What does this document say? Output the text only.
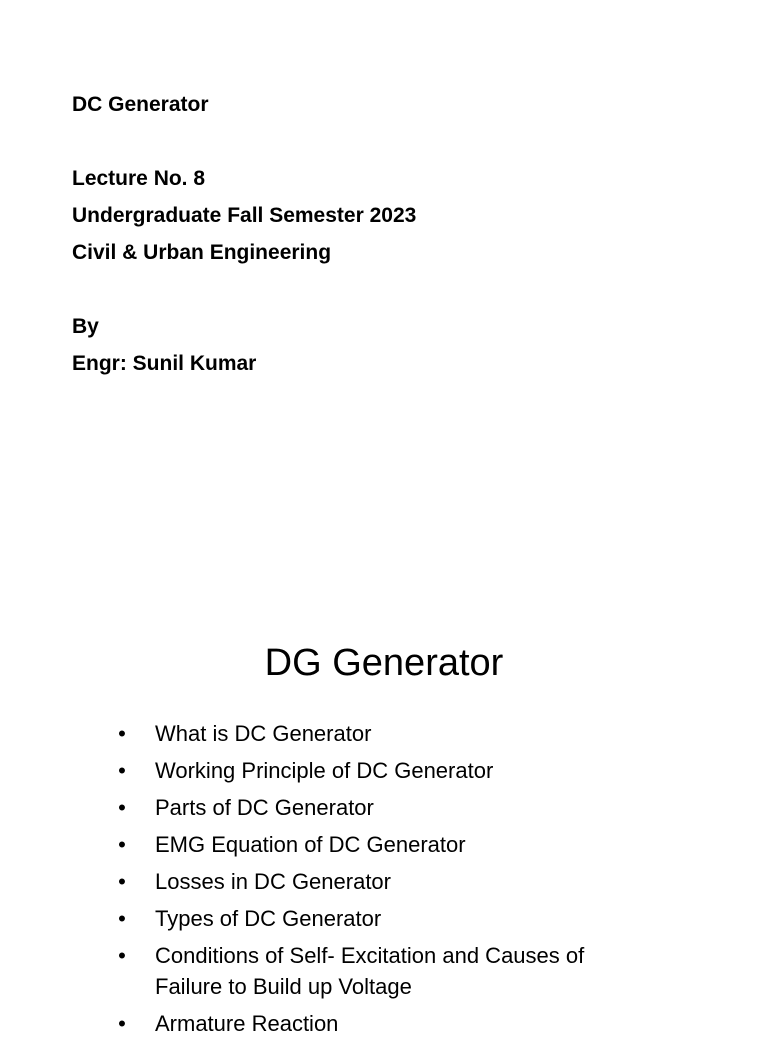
DC Generator
Lecture No. 8
Undergraduate Fall Semester 2023
Civil & Urban Engineering
By
Engr: Sunil Kumar
DG Generator
• What is DC Generator
• Working Principle of DC Generator
• Parts of DC Generator
• EMG Equation of DC Generator
• Losses in DC Generator
• Types of DC Generator
• Conditions of Self- Excitation and Causes of Failure to Build up Voltage
• Armature Reaction
